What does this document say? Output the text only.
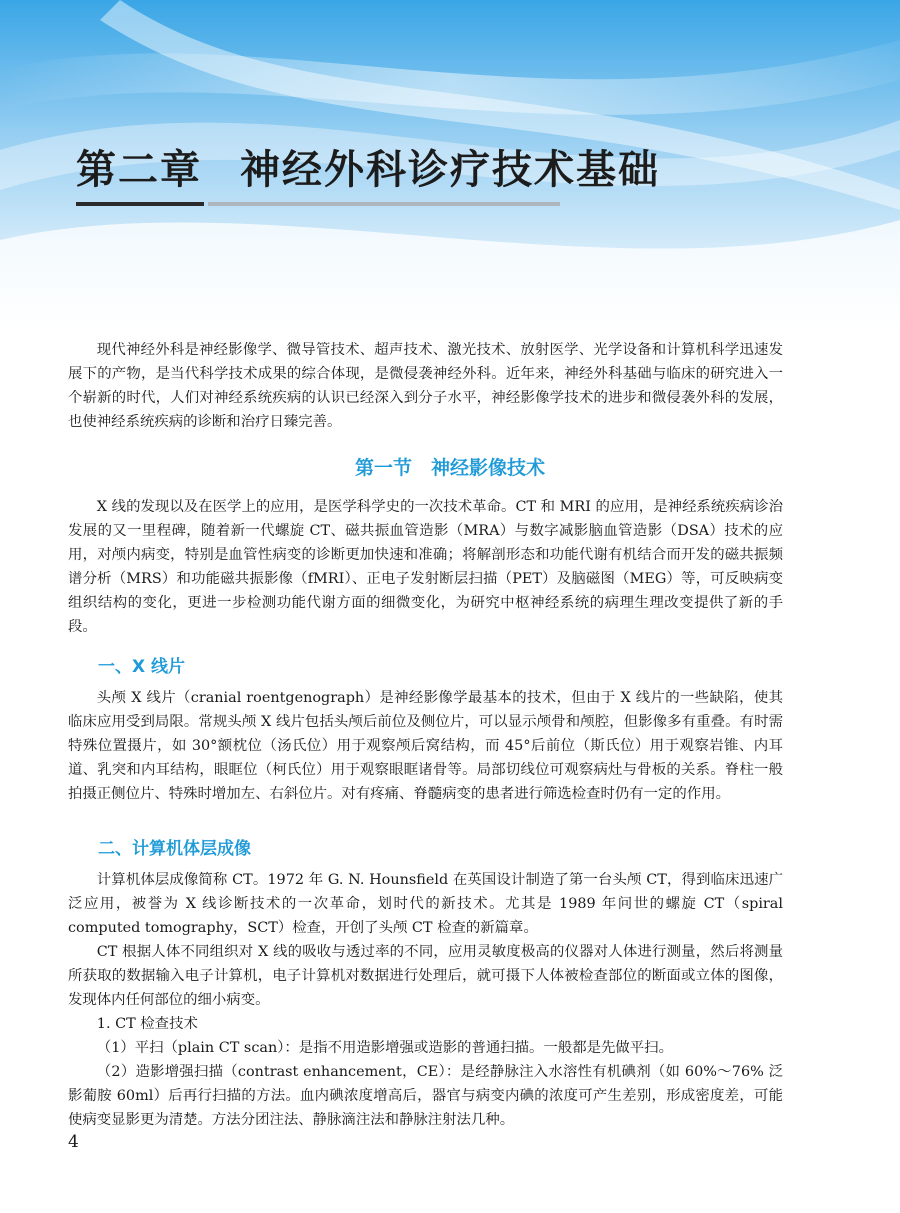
第二章 神经外科诊疗技术基础

现代神经外科是神经影像学、微导管技术、超声技术、激光技术、放射医学、光学设备和计算机科学迅速发展下的产物，是当代科学技术成果的综合体现，是微侵袭神经外科。近年来，神经外科基础与临床的研究进入一个崭新的时代，人们对神经系统疾病的认识已经深入到分子水平，神经影像学技术的进步和微侵袭外科的发展，也使神经系统疾病的诊断和治疗日臻完善。

第一节　神经影像技术

X 线的发现以及在医学上的应用，是医学科学史的一次技术革命。CT 和 MRI 的应用，是神经系统疾病诊治发展的又一里程碑，随着新一代螺旋 CT、磁共振血管造影（MRA）与数字减影脑血管造影（DSA）技术的应用，对颅内病变，特别是血管性病变的诊断更加快速和准确；将解剖形态和功能代谢有机结合而开发的磁共振频谱分析（MRS）和功能磁共振影像（fMRI）、正电子发射断层扫描（PET）及脑磁图（MEG）等，可反映病变组织结构的变化，更进一步检测功能代谢方面的细微变化，为研究中枢神经系统的病理生理改变提供了新的手段。

一、X 线片

头颅 X 线片（cranial roentgenograph）是神经影像学最基本的技术，但由于 X 线片的一些缺陷，使其临床应用受到局限。常规头颅 X 线片包括头颅后前位及侧位片，可以显示颅骨和颅腔，但影像多有重叠。有时需特殊位置摄片，如 30°额枕位（汤氏位）用于观察颅后窝结构，而 45°后前位（斯氏位）用于观察岩锥、内耳道、乳突和内耳结构，眼眶位（柯氏位）用于观察眼眶诸骨等。局部切线位可观察病灶与骨板的关系。脊柱一般拍摄正侧位片、特殊时增加左、右斜位片。对有疼痛、脊髓病变的患者进行筛选检查时仍有一定的作用。

二、计算机体层成像

计算机体层成像简称 CT。1972 年 G. N. Hounsfield 在英国设计制造了第一台头颅 CT，得到临床迅速广泛应用，被誉为 X 线诊断技术的一次革命，划时代的新技术。尤其是 1989 年问世的螺旋 CT（spiral computed tomography，SCT）检查，开创了头颅 CT 检查的新篇章。

CT 根据人体不同组织对 X 线的吸收与透过率的不同，应用灵敏度极高的仪器对人体进行测量，然后将测量所获取的数据输入电子计算机，电子计算机对数据进行处理后，就可摄下人体被检查部位的断面或立体的图像，发现体内任何部位的细小病变。

1. CT 检查技术

（1）平扫（plain CT scan）：是指不用造影增强或造影的普通扫描。一般都是先做平扫。

（2）造影增强扫描（contrast enhancement，CE）：是经静脉注入水溶性有机碘剂（如 60%～76% 泛影葡胺 60ml）后再行扫描的方法。血内碘浓度增高后，器官与病变内碘的浓度可产生差别，形成密度差，可能使病变显影更为清楚。方法分团注法、静脉滴注法和静脉注射法几种。

4
